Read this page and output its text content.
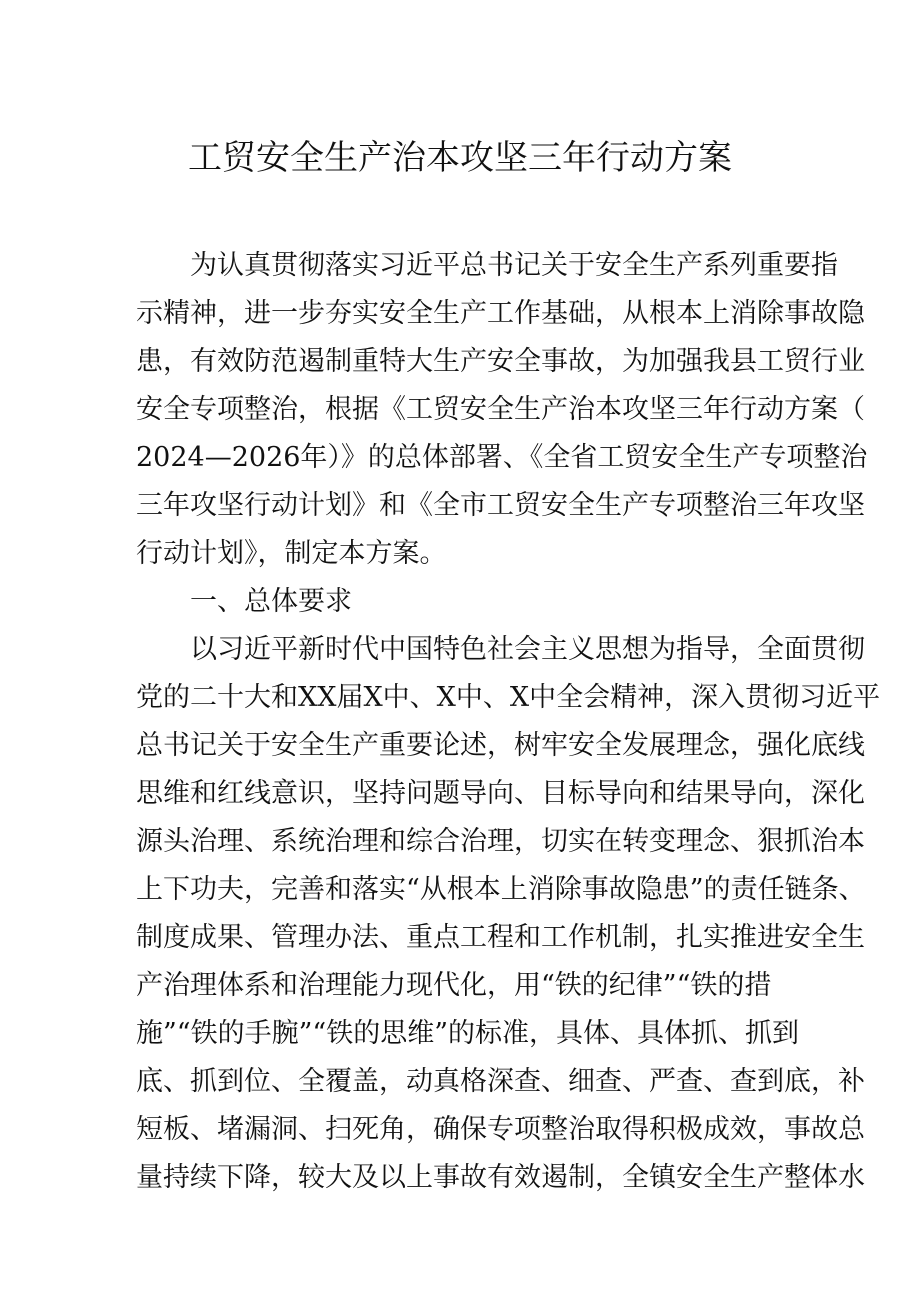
工贸安全生产治本攻坚三年行动方案

为认真贯彻落实习近平总书记关于安全生产系列重要指

示精神，进一步夯实安全生产工作基础，从根本上消除事故隐

患，有效防范遏制重特大生产安全事故，为加强我县工贸行业

安全专项整治，根据《工贸安全生产治本攻坚三年行动方案（

2024—2026年）》的总体部署、《全省工贸安全生产专项整治

三年攻坚行动计划》和《全市工贸安全生产专项整治三年攻坚

行动计划》，制定本方案。

一、总体要求

以习近平新时代中国特色社会主义思想为指导，全面贯彻

党的二十大和XX届X中、X中、X中全会精神，深入贯彻习近平

总书记关于安全生产重要论述，树牢安全发展理念，强化底线

思维和红线意识，坚持问题导向、目标导向和结果导向，深化

源头治理、系统治理和综合治理，切实在转变理念、狠抓治本

上下功夫，完善和落实“从根本上消除事故隐患”的责任链条、

制度成果、管理办法、重点工程和工作机制，扎实推进安全生

产治理体系和治理能力现代化，用“铁的纪律”“铁的措

施”“铁的手腕”“铁的思维”的标准，具体、具体抓、抓到

底、抓到位、全覆盖，动真格深查、细查、严查、查到底，补

短板、堵漏洞、扫死角，确保专项整治取得积极成效，事故总

量持续下降，较大及以上事故有效遏制，全镇安全生产整体水
